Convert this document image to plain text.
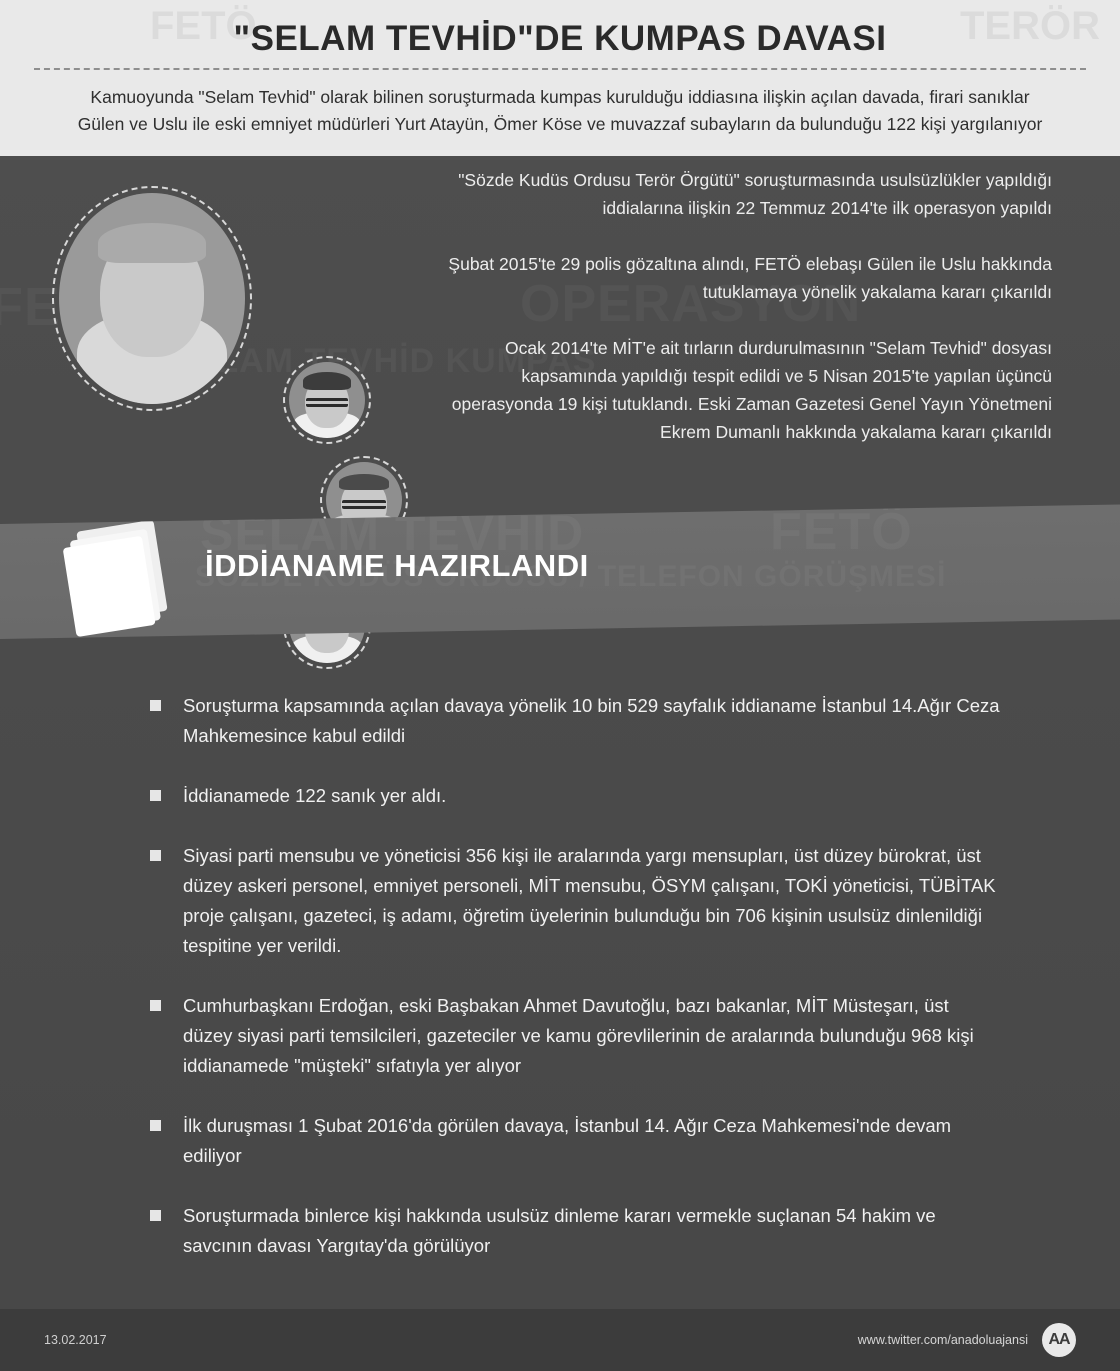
FETÖ	TERÖR
"SELAM TEVHİD"DE KUMPAS DAVASI

Kamuoyunda "Selam Tevhid" olarak bilinen soruşturmada kumpas kurulduğu iddiasına ilişkin açılan davada, firari sanıklar Gülen ve Uslu ile eski emniyet müdürleri Yurt Atayün, Ömer Köse ve muvazzaf subayların da bulunduğu 122 kişi yargılanıyor

"Sözde Kudüs Ordusu Terör Örgütü" soruşturmasında usulsüzlükler yapıldığı iddialarına ilişkin 22 Temmuz 2014'te ilk operasyon yapıldı
Şubat 2015'te 29 polis gözaltına alındı, FETÖ elebaşı Gülen ile Uslu hakkında tutuklamaya yönelik yakalama kararı çıkarıldı
Ocak 2014'te MİT'e ait tırların durdurulmasının "Selam Tevhid" dosyası kapsamında yapıldığı tespit edildi ve 5 Nisan 2015'te yapılan üçüncü operasyonda 19 kişi tutuklandı. Eski Zaman Gazetesi Genel Yayın Yönetmeni Ekrem Dumanlı hakkında yakalama kararı çıkarıldı
İDDİANAME HAZIRLANDI
Soruşturma kapsamında açılan davaya yönelik 10 bin 529 sayfalık iddianame İstanbul 14.Ağır Ceza Mahkemesince kabul edildi
İddianamede 122 sanık yer aldı.
Siyasi parti mensubu ve yöneticisi 356 kişi ile aralarında yargı mensupları, üst düzey bürokrat, üst düzey askeri personel, emniyet personeli, MİT mensubu, ÖSYM çalışanı, TOKİ yöneticisi, TÜBİTAK proje çalışanı, gazeteci, iş adamı, öğretim üyelerinin bulunduğu bin 706 kişinin usulsüz dinlenildiği tespitine yer verildi.
Cumhurbaşkanı Erdoğan, eski Başbakan Ahmet Davutoğlu, bazı bakanlar, MİT Müsteşarı, üst düzey siyasi parti temsilcileri, gazeteciler ve kamu görevlilerinin de aralarında bulunduğu 968 kişi iddianamede "müşteki" sıfatıyla yer alıyor
İlk duruşması 1 Şubat 2016'da görülen davaya, İstanbul 14. Ağır Ceza Mahkemesi'nde devam ediliyor
Soruşturmada binlerce kişi hakkında usulsüz dinleme kararı vermekle suçlanan 54 hakim ve savcının davası Yargıtay'da görülüyor
13.02.2017	www.twitter.com/anadoluajansi	AA
